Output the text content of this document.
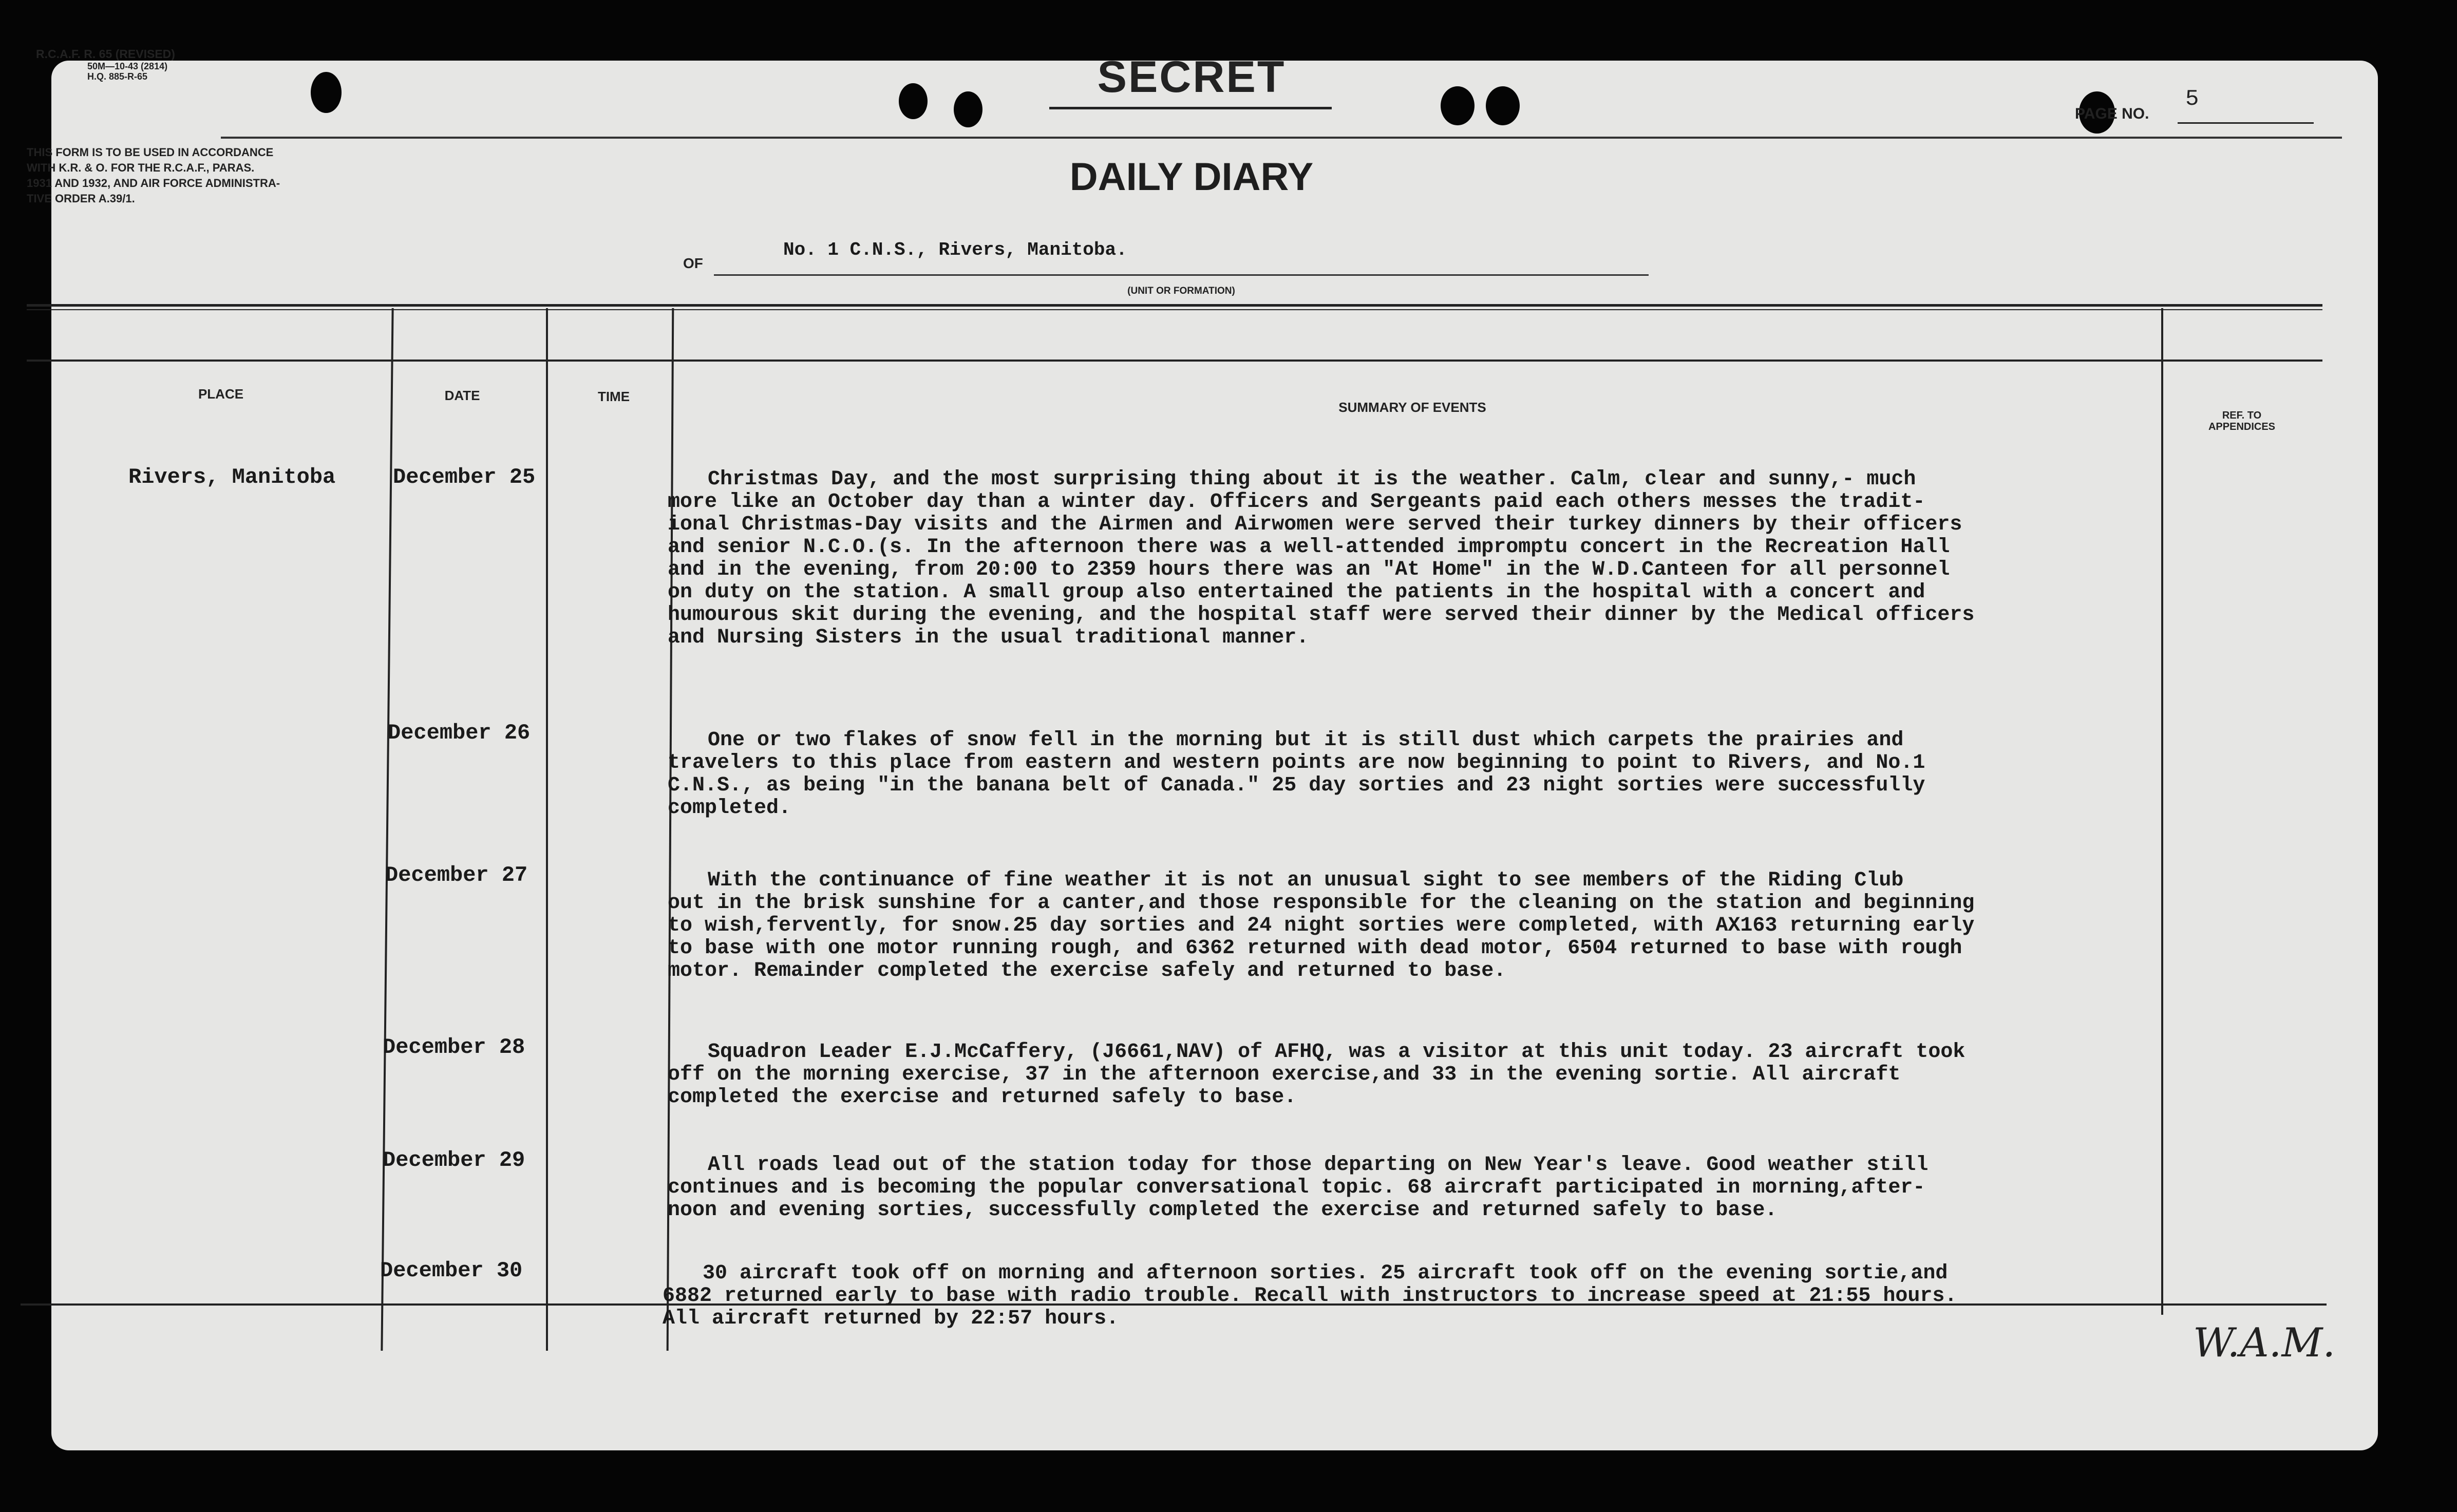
R.C.A.F. R. 65 (REVISED)
50M—10-43 (2814)
H.Q. 885-R-65	SECRET
PAGE NO.
5
THIS FORM IS TO BE USED IN ACCORDANCE
WITH K.R. & O. FOR THE R.C.A.F., PARAS.
1931 AND 1932, AND AIR FORCE ADMINISTRA-
TIVE ORDER A.39/1.	DAILY DIARY
OF
No. 1 C.N.S., Rivers, Manitoba.
(UNIT OR FORMATION)
PLACE	DATE	TIME
SUMMARY OF EVENTS
REF. TO
APPENDICES
Rivers, Manitoba	December 25	Christmas Day, and the most surprising thing about it is the weather. Calm, clear and sunny,- much
more like an October day than a winter day. Officers and Sergeants paid each others messes the tradit-
ional Christmas-Day visits and the Airmen and Airwomen were served their turkey dinners by their officers
and senior N.C.O.(s. In the afternoon there was a well-attended impromptu concert in the Recreation Hall
and in the evening, from 20:00 to 2359 hours there was an "At Home" in the W.D.Canteen for all personnel
on duty on the station. A small group also entertained the patients in the hospital with a concert and
humourous skit during the evening, and the hospital staff were served their dinner by the Medical officers
and Nursing Sisters in the usual traditional manner.
December 26	One or two flakes of snow fell in the morning but it is still dust which carpets the prairies and
travelers to this place from eastern and western points are now beginning to point to Rivers, and No.1
C.N.S., as being "in the banana belt of Canada." 25 day sorties and 23 night sorties were successfully
completed.
December 27	With the continuance of fine weather it is not an unusual sight to see members of the Riding Club
out in the brisk sunshine for a canter,and those responsible for the cleaning on the station and beginning
to wish,fervently, for snow.25 day sorties and 24 night sorties were completed, with AX163 returning early
to base with one motor running rough, and 6362 returned with dead motor, 6504 returned to base with rough
motor. Remainder completed the exercise safely and returned to base.
December 28	Squadron Leader E.J.McCaffery, (J6661,NAV) of AFHQ, was a visitor at this unit today. 23 aircraft took
off on the morning exercise, 37 in the afternoon exercise,and 33 in the evening sortie. All aircraft
completed the exercise and returned safely to base.
December 29	All roads lead out of the station today for those departing on New Year's leave. Good weather still
continues and is becoming the popular conversational topic. 68 aircraft participated in morning,after-
noon and evening sorties, successfully completed the exercise and returned safely to base.
December 30	30 aircraft took off on morning and afternoon sorties. 25 aircraft took off on the evening sortie,and
6882 returned early to base with radio trouble. Recall with instructors to increase speed at 21:55 hours.
All aircraft returned by 22:57 hours.
W.A.M.
